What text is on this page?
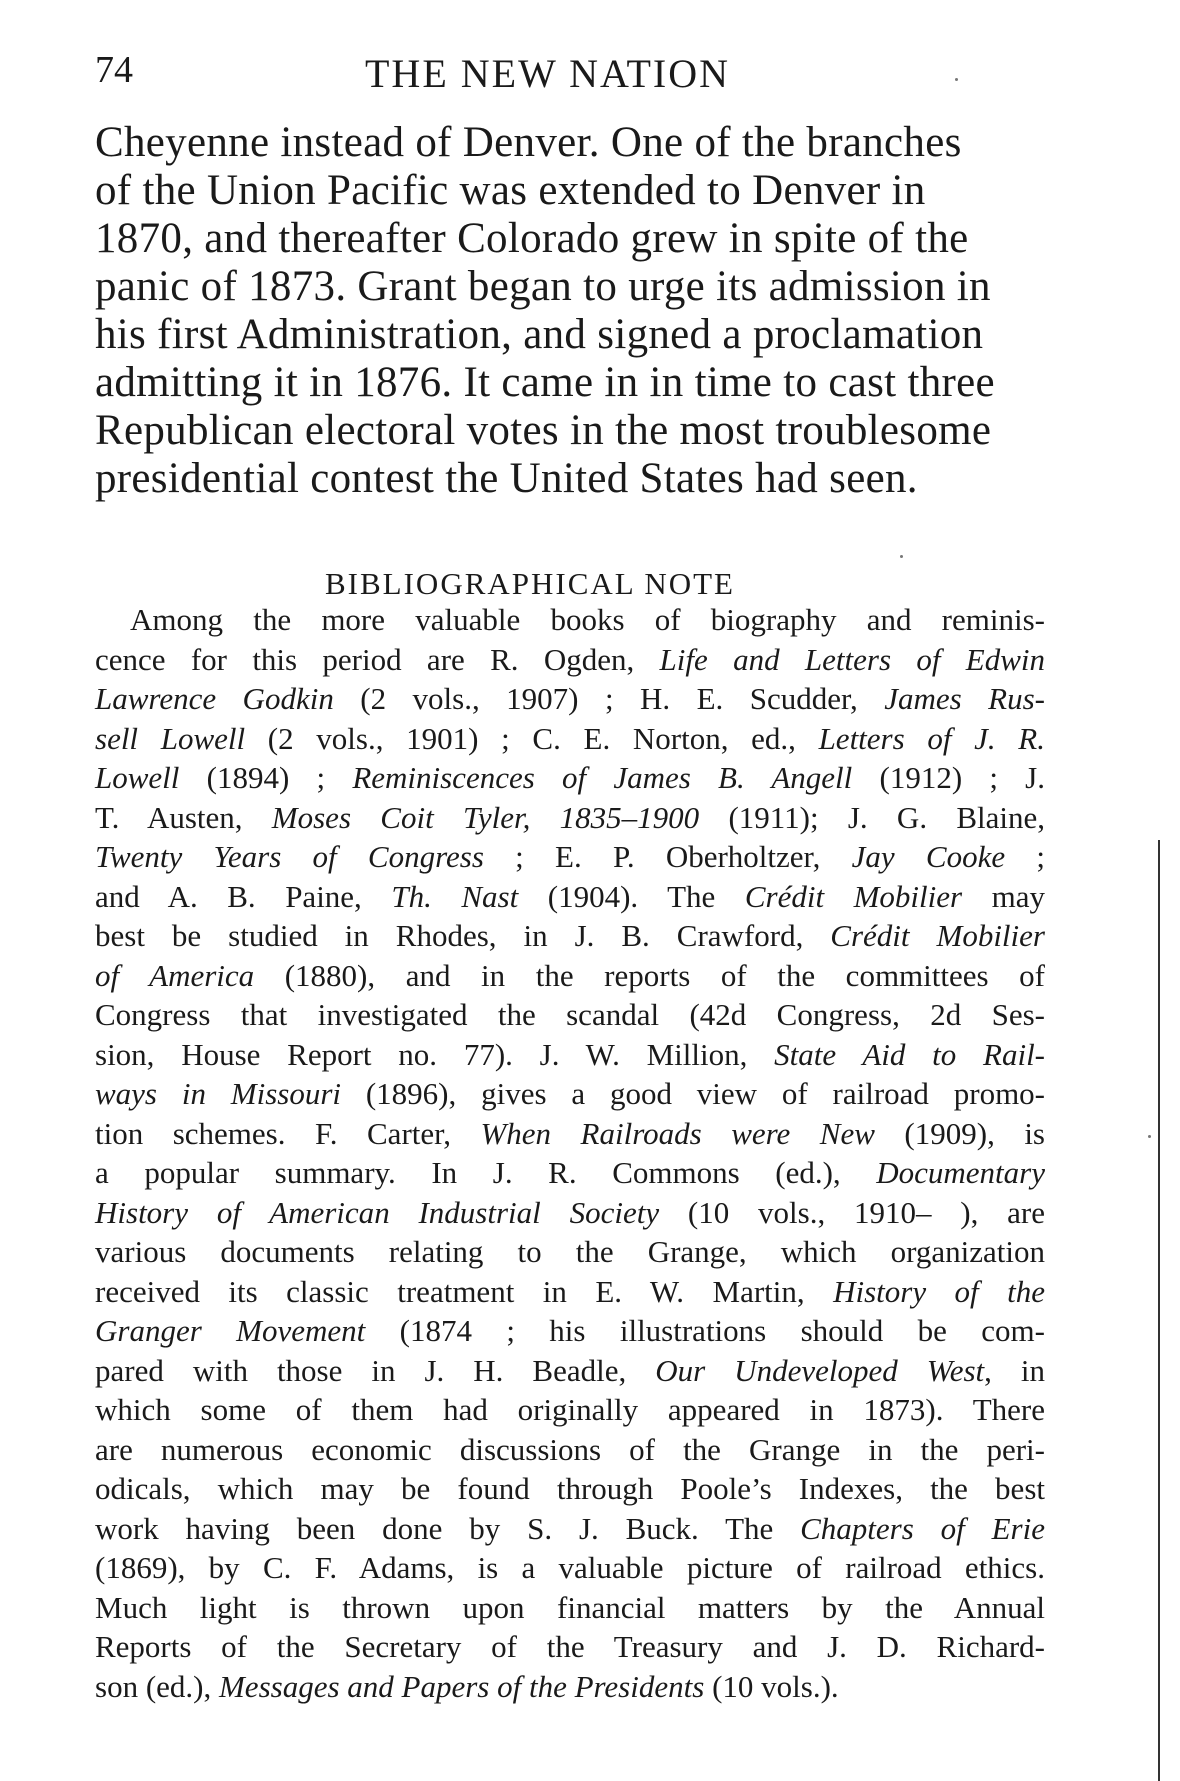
74	THE NEW NATION
Cheyenne instead of Denver. One of the branches
of the Union Pacific was extended to Denver in
1870, and thereafter Colorado grew in spite of the
panic of 1873. Grant began to urge its admission in
his first Administration, and signed a proclamation
admitting it in 1876. It came in in time to cast three
Republican electoral votes in the most troublesome
presidential contest the United States had seen.
BIBLIOGRAPHICAL NOTE
Among the more valuable books of biography and reminis-
cence for this period are R. Ogden, Life and Letters of Edwin
Lawrence Godkin (2 vols., 1907) ; H. E. Scudder, James Rus-
sell Lowell (2 vols., 1901) ; C. E. Norton, ed., Letters of J. R.
Lowell (1894) ; Reminiscences of James B. Angell (1912) ; J.
T. Austen, Moses Coit Tyler, 1835–1900 (1911); J. G. Blaine,
Twenty Years of Congress ; E. P. Oberholtzer, Jay Cooke ;
and A. B. Paine, Th. Nast (1904). The Crédit Mobilier may
best be studied in Rhodes, in J. B. Crawford, Crédit Mobilier
of America (1880), and in the reports of the committees of
Congress that investigated the scandal (42d Congress, 2d Ses-
sion, House Report no. 77). J. W. Million, State Aid to Rail-
ways in Missouri (1896), gives a good view of railroad promo-
tion schemes. F. Carter, When Railroads were New (1909), is
a popular summary. In J. R. Commons (ed.), Documentary
History of American Industrial Society (10 vols., 1910– ), are
various documents relating to the Grange, which organization
received its classic treatment in E. W. Martin, History of the
Granger Movement (1874 ; his illustrations should be com-
pared with those in J. H. Beadle, Our Undeveloped West, in
which some of them had originally appeared in 1873). There
are numerous economic discussions of the Grange in the peri-
odicals, which may be found through Poole’s Indexes, the best
work having been done by S. J. Buck. The Chapters of Erie
(1869), by C. F. Adams, is a valuable picture of railroad ethics.
Much light is thrown upon financial matters by the Annual
Reports of the Secretary of the Treasury and J. D. Richard-
son (ed.), Messages and Papers of the Presidents (10 vols.).
